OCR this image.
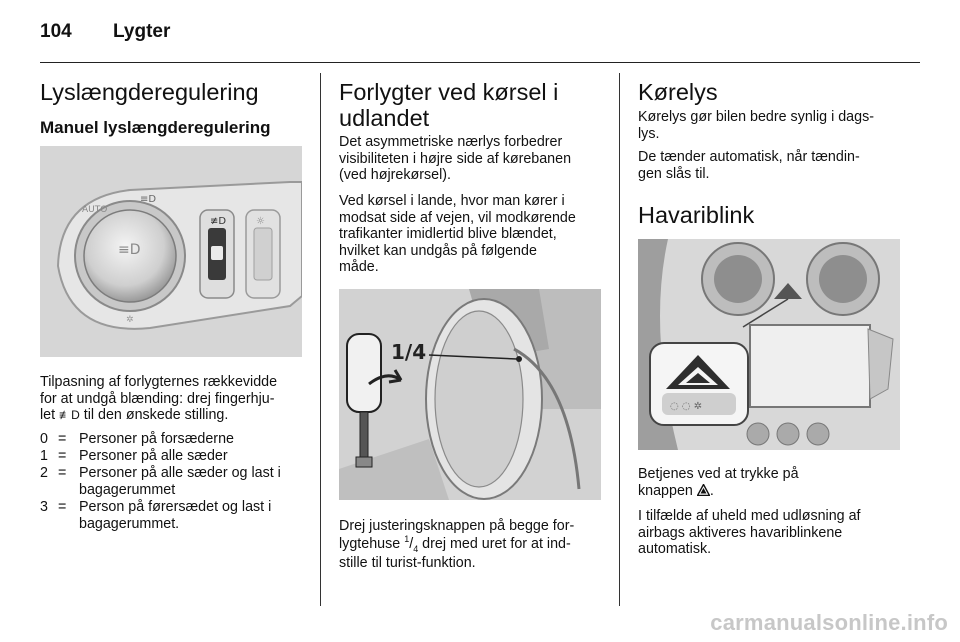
104 Lygter
Lyslængderegulering
Manuel lyslængderegulering
≡D
AUTO
≡D
≢D	☼
✲

Tilpasning af forlygternes rækkevidde
for at undgå blænding: drej fingerhju-
let ≢D til den ønskede stilling.

0 = Personer på forsæderne
1 = Personer på alle sæder
2 = Personer på alle sæder og last i
bagagerummet
3 = Person på førersædet og last i
bagagerummet.
Forlygter ved kørsel i
udlandet

Det asymmetriske nærlys forbedrer
visibiliteten i højre side af kørebanen
(ved højrekørsel).

Ved kørsel i lande, hvor man kører i
modsat side af vejen, vil modkørende
trafikanter imidlertid blive blændet,
hvilket kan undgås på følgende
måde.

1/4

Drej justeringsknappen på begge for-
lygtehuse $^1/_4$ drej med uret for at ind-
stille til turist-funktion.

Kørelys

Kørelys gør bilen bedre synlig i dags-
lys.

De tænder automatisk, når tændin-
gen slås til.

Havariblink
◌ ◌ ✲

Betjenes ved at trykke på
knappen .

I tilfælde af uheld med udløsning af
airbags aktiveres havariblinkene
automatisk.

carmanualsonline.info
